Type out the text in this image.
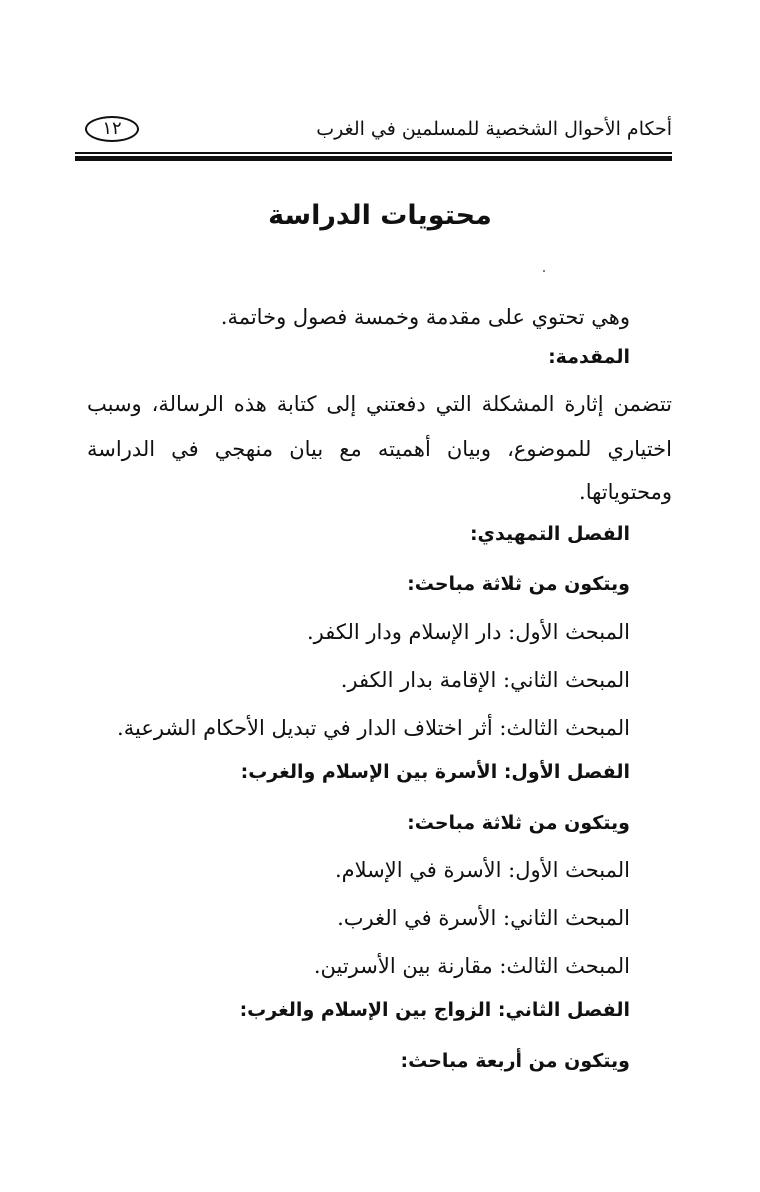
أحكام الأحوال الشخصية للمسلمين في الغرب
١٢
محتويات الدراسة
وهي تحتوي على مقدمة وخمسة فصول وخاتمة.
المقدمة:
تتضمن إثارة المشكلة التي دفعتني إلى كتابة هذه الرسالة، وسبب
اختياري للموضوع، وبيان أهميته مع بيان منهجي في الدراسة
ومحتوياتها.
الفصل التمهيدي:
ويتكون من ثلاثة مباحث:
المبحث الأول: دار الإسلام ودار الكفر.
المبحث الثاني: الإقامة بدار الكفر.
المبحث الثالث: أثر اختلاف الدار في تبديل الأحكام الشرعية.
الفصل الأول: الأسرة بين الإسلام والغرب:
ويتكون من ثلاثة مباحث:
المبحث الأول: الأسرة في الإسلام.
المبحث الثاني: الأسرة في الغرب.
المبحث الثالث: مقارنة بين الأسرتين.
الفصل الثاني: الزواج بين الإسلام والغرب:
ويتكون من أربعة مباحث:
